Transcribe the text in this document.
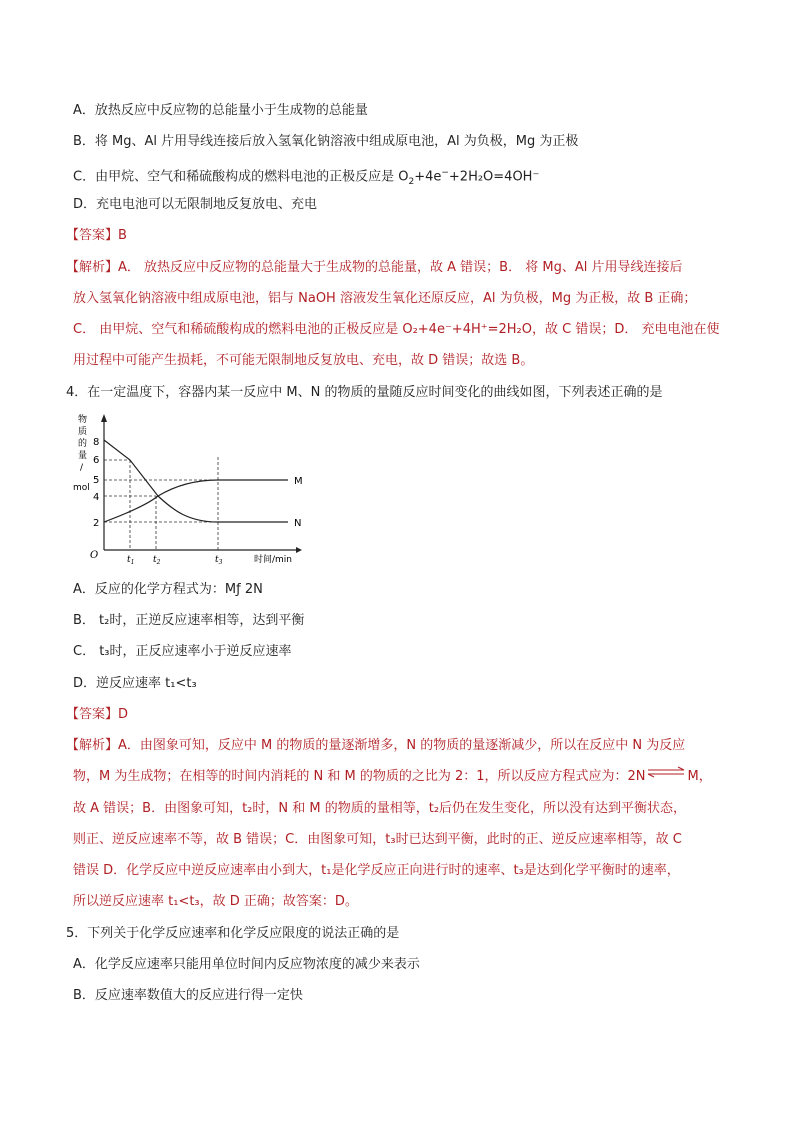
A．放热反应中反应物的总能量小于生成物的总能量
B．将 Mg、Al 片用导线连接后放入氢氧化钠溶液中组成原电池，Al 为负极，Mg 为正极
C．由甲烷、空气和稀硫酸构成的燃料电池的正极反应是 $O_2+4e^-+2H_2O=4OH^-$
D．充电电池可以无限制地反复放电、充电
【答案】B
【解析】A． 放热反应中反应物的总能量大于生成物的总能量，故 A 错误；B． 将 Mg、Al 片用导线连接后
放入氢氧化钠溶液中组成原电池，铝与 NaOH 溶液发生氧化还原反应，Al 为负极，Mg 为正极，故 B 正确；
C． 由甲烷、空气和稀硫酸构成的燃料电池的正极反应是 O₂+4e⁻+4H⁺=2H₂O，故 C 错误；D． 充电电池在使
用过程中可能产生损耗，不可能无限制地反复放电、充电，故 D 错误；故选 B。
4．在一定温度下，容器内某一反应中 M、N 的物质的量随反应时间变化的曲线如图，下列表述正确的是
物
质
的
量
/
mol
8
6
5
4
2
O
M
N
$t_1$ $t_2$	$t_3$	时间/min
A．反应的化学方程式为：Mƒ 2N
B． t₂时，正逆反应速率相等，达到平衡
C． t₃时，正反应速率小于逆反应速率
D．逆反应速率 t₁<t₃
【答案】D
【解析】A．由图象可知，反应中 M 的物质的量逐渐增多，N 的物质的量逐渐减少，所以在反应中 N 为反应
物，M 为生成物；在相等的时间内消耗的 N 和 M 的物质的之比为 2：1，所以反应方程式应为：2N⇌M，
故 A 错误；B．由图象可知，t₂时，N 和 M 的物质的量相等，t₂后仍在发生变化，所以没有达到平衡状态，
则正、逆反应速率不等，故 B 错误；C．由图象可知，t₃时已达到平衡，此时的正、逆反应速率相等，故 C
错误 D．化学反应中逆反应速率由小到大，t₁是化学反应正向进行时的速率、t₃是达到化学平衡时的速率，
所以逆反应速率 t₁<t₃，故 D 正确；故答案：D。
5．下列关于化学反应速率和化学反应限度的说法正确的是
A．化学反应速率只能用单位时间内反应物浓度的减少来表示
B．反应速率数值大的反应进行得一定快
